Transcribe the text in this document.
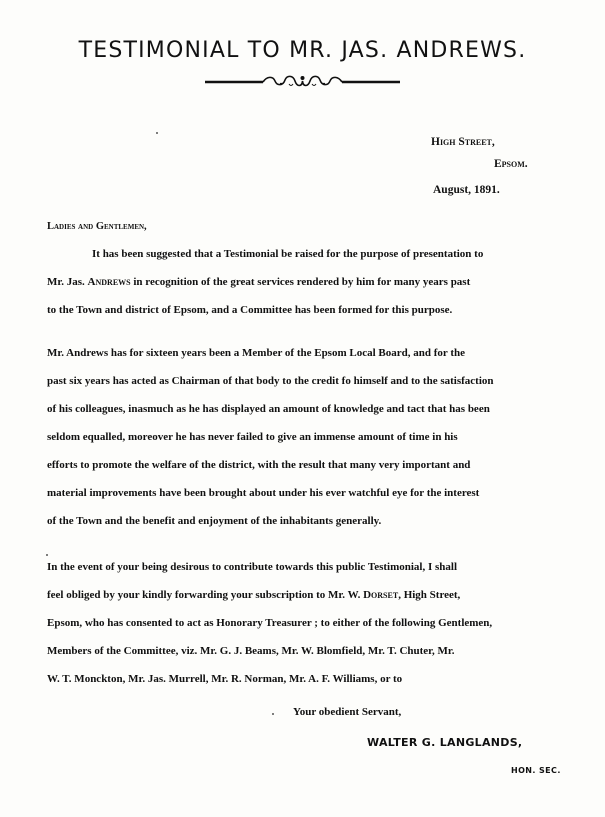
TESTIMONIAL TO MR. JAS. ANDREWS.
High Street,
Epsom.
August, 1891.
Ladies and Gentlemen,

It has been suggested that a Testimonial be raised for the purpose of presentation to

Mr. Jas. Andrews in recognition of the great services rendered by him for many years past

to the Town and district of Epsom, and a Committee has been formed for this purpose.

Mr. Andrews has for sixteen years been a Member of the Epsom Local Board, and for the

past six years has acted as Chairman of that body to the credit fo himself and to the satisfaction

of his colleagues, inasmuch as he has displayed an amount of knowledge and tact that has been

seldom equalled, moreover he has never failed to give an immense amount of time in his

efforts to promote the welfare of the district, with the result that many very important and

material improvements have been brought about under his ever watchful eye for the interest

of the Town and the benefit and enjoyment of the inhabitants generally.

In the event of your being desirous to contribute towards this public Testimonial, I shall

feel obliged by your kindly forwarding your subscription to Mr. W. Dorset, High Street,

Epsom, who has consented to act as Honorary Treasurer ; to either of the following Gentlemen,

Members of the Committee, viz. Mr. G. J. Beams, Mr. W. Blomfield, Mr. T. Chuter, Mr.

W. T. Monckton, Mr. Jas. Murrell, Mr. R. Norman, Mr. A. F. Williams, or to

Your obedient Servant,
WALTER G. LANGLANDS,
HON. SEC.
